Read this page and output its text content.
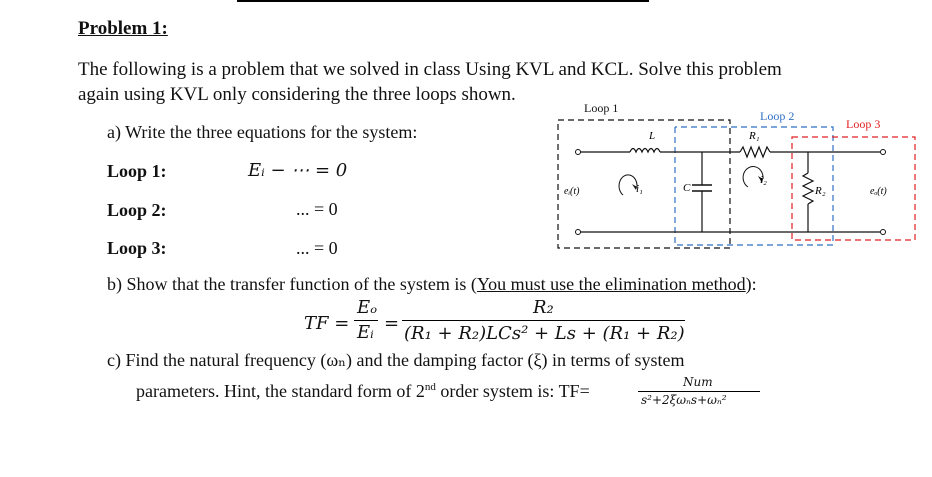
Problem 1:
The following is a problem that we solved in class Using KVL and KCL. Solve this problem
again using KVL only considering the three loops shown.
a) Write the three equations for the system:
Loop 1:	Eᵢ − ⋯ = 0
Loop 2:	... = 0
Loop 3:	... = 0
b) Show that the transfer function of the system is (You must use the elimination method):
TF =
Eₒ
Eᵢ =
R₂
(R₁ + R₂)LCs² + Ls + (R₁ + R₂)
c) Find the natural frequency (ωₙ) and the damping factor (ξ) in terms of system
parameters. Hint, the standard form of 2nd order system is: TF=	Num
s²+2ξωₙs+ωₙ²
Loop 1
Loop 2
Loop 3
L	R₁
C	R₂
i₁
i₂
eᵢ(t)	eₒ(t)
